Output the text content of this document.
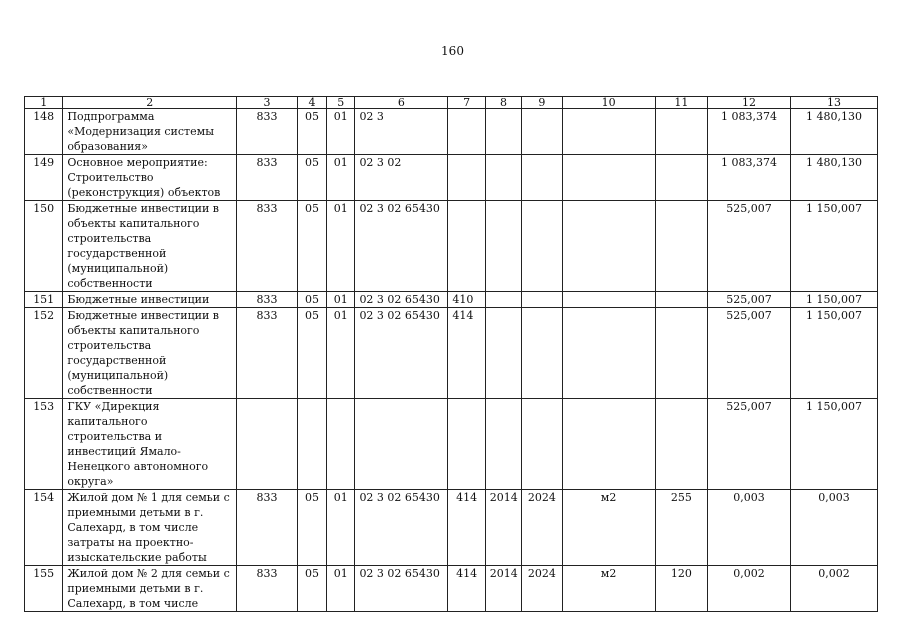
160
1	2	3	4	5	6	7	8	9	10	11	12	13
148	Подпрограмма «Модернизация системы образования»	833	05	01	02 3						1 083,374	1 480,130
149	Основное мероприятие: Строительство (реконструкция) объектов	833	05	01	02 3 02						1 083,374	1 480,130
150	Бюджетные инвестиции в объекты капитального строительства государственной (муниципальной) собственности	833	05	01	02 3 02 65430						525,007	1 150,007
151	Бюджетные инвестиции	833	05	01	02 3 02 65430	410					525,007	1 150,007
152	Бюджетные инвестиции в объекты капитального строительства государственной (муниципальной) собственности	833	05	01	02 3 02 65430	414					525,007	1 150,007
153	ГКУ «Дирекция капитального строительства и инвестиций Ямало-Ненецкого автономного округа»										525,007	1 150,007
154	Жилой дом № 1 для семьи с приемными детьми в г. Салехард, в том числе затраты на проектно-изыскательские работы	833	05	01	02 3 02 65430	414	2014	2024	м2	255	0,003	0,003
155	Жилой дом № 2 для семьи с приемными детьми в г. Салехард, в том числе	833	05	01	02 3 02 65430	414	2014	2024	м2	120	0,002	0,002
